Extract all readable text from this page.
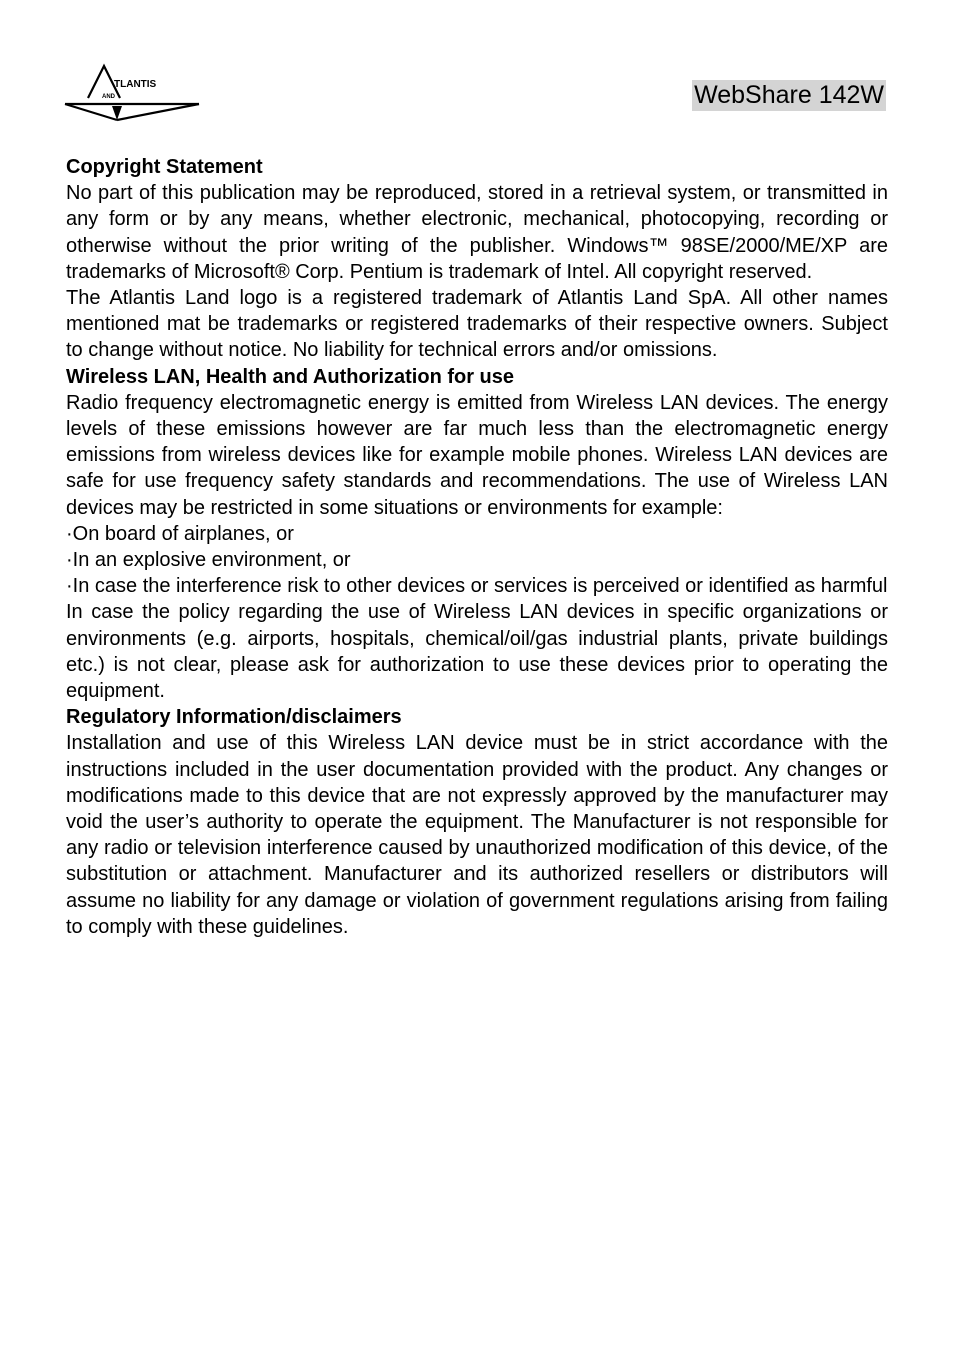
TLANTIS
AND	WebShare 142W
Copyright Statement

No part of this publication may be reproduced, stored in a retrieval system, or transmitted in any form or by any means, whether electronic, mechanical, photocopying, recording or otherwise without the prior writing of the publisher. Windows™ 98SE/2000/ME/XP are trademarks of Microsoft® Corp. Pentium is trademark of Intel. All copyright reserved.

The Atlantis Land logo is a registered trademark of Atlantis Land SpA. All other names mentioned mat be trademarks or registered trademarks of their respective owners. Subject to change without notice. No liability for technical errors and/or omissions.

Wireless LAN, Health and Authorization for use

Radio frequency electromagnetic energy is emitted from Wireless LAN devices. The energy levels of these emissions however are far much less than the electromagnetic energy emissions from wireless devices like for example mobile phones. Wireless LAN devices are safe for use frequency safety standards and recommendations. The use of Wireless LAN devices may be restricted in some situations or environments for example:

·On board of airplanes, or

·In an explosive environment, or

·In case the interference risk to other devices or services is perceived or identified as harmful

In case the policy regarding the use of Wireless LAN devices in specific organizations or environments (e.g. airports, hospitals, chemical/oil/gas industrial plants, private buildings etc.) is not clear, please ask for authorization to use these devices prior to operating the equipment.

Regulatory Information/disclaimers

Installation and use of this Wireless LAN device must be in strict accordance with the instructions included in the user documentation provided with the product. Any changes or modifications made to this device that are not expressly approved by the manufacturer may void the user’s authority to operate the equipment. The Manufacturer is not responsible for any radio or television interference caused by unauthorized modification of this device, of the substitution or attachment. Manufacturer and its authorized resellers or distributors will assume no liability for any damage or violation of government regulations arising from failing to comply with these guidelines.
